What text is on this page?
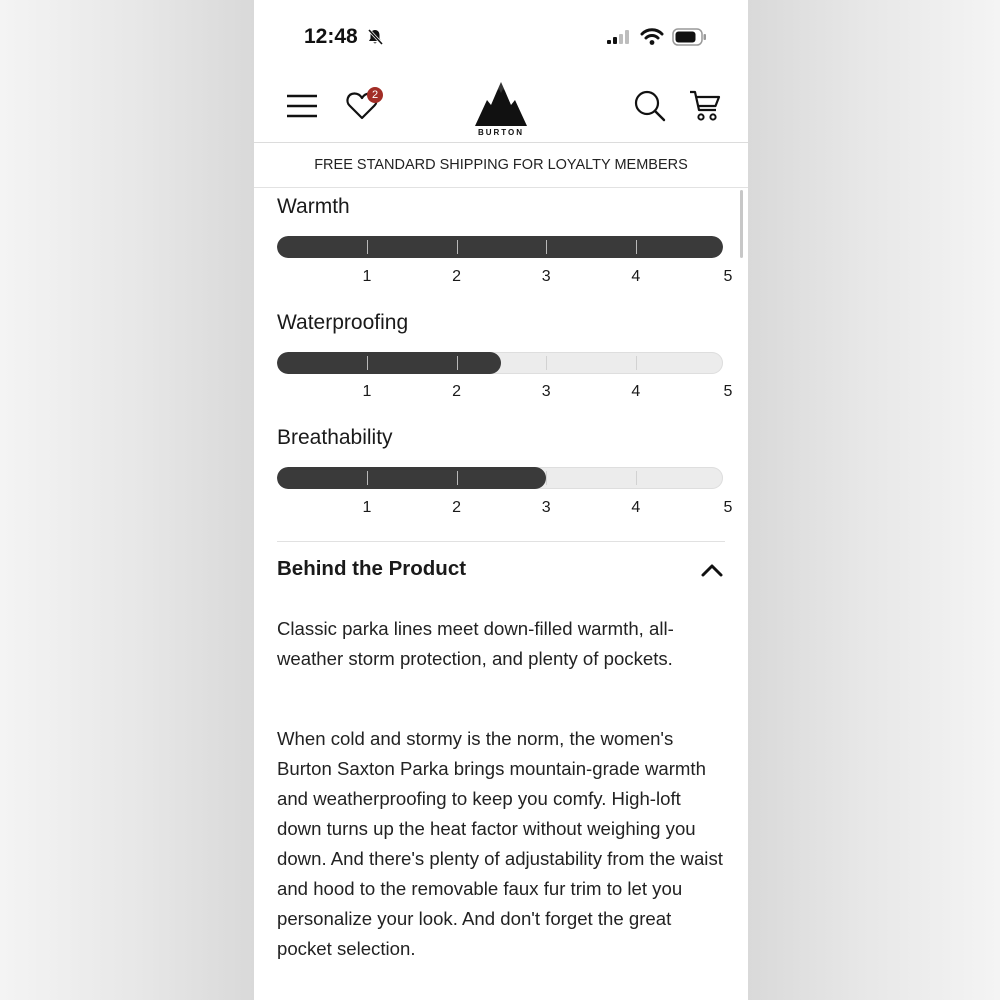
12:48
2
BURTON
FREE STANDARD SHIPPING FOR LOYALTY MEMBERS
Warmth
1	2	3	4	5
Waterproofing
1	2	3	4	5
Breathability
1	2	3	4	5
Behind the Product

Classic parka lines meet down-filled warmth, all-weather storm protection, and plenty of pockets.

When cold and stormy is the norm, the women's Burton Saxton Parka brings mountain-grade warmth and weatherproofing to keep you comfy. High-loft down turns up the heat factor without weighing you down. And there's plenty of adjustability from the waist and hood to the removable faux fur trim to let you personalize your look. And don't forget the great pocket selection.
